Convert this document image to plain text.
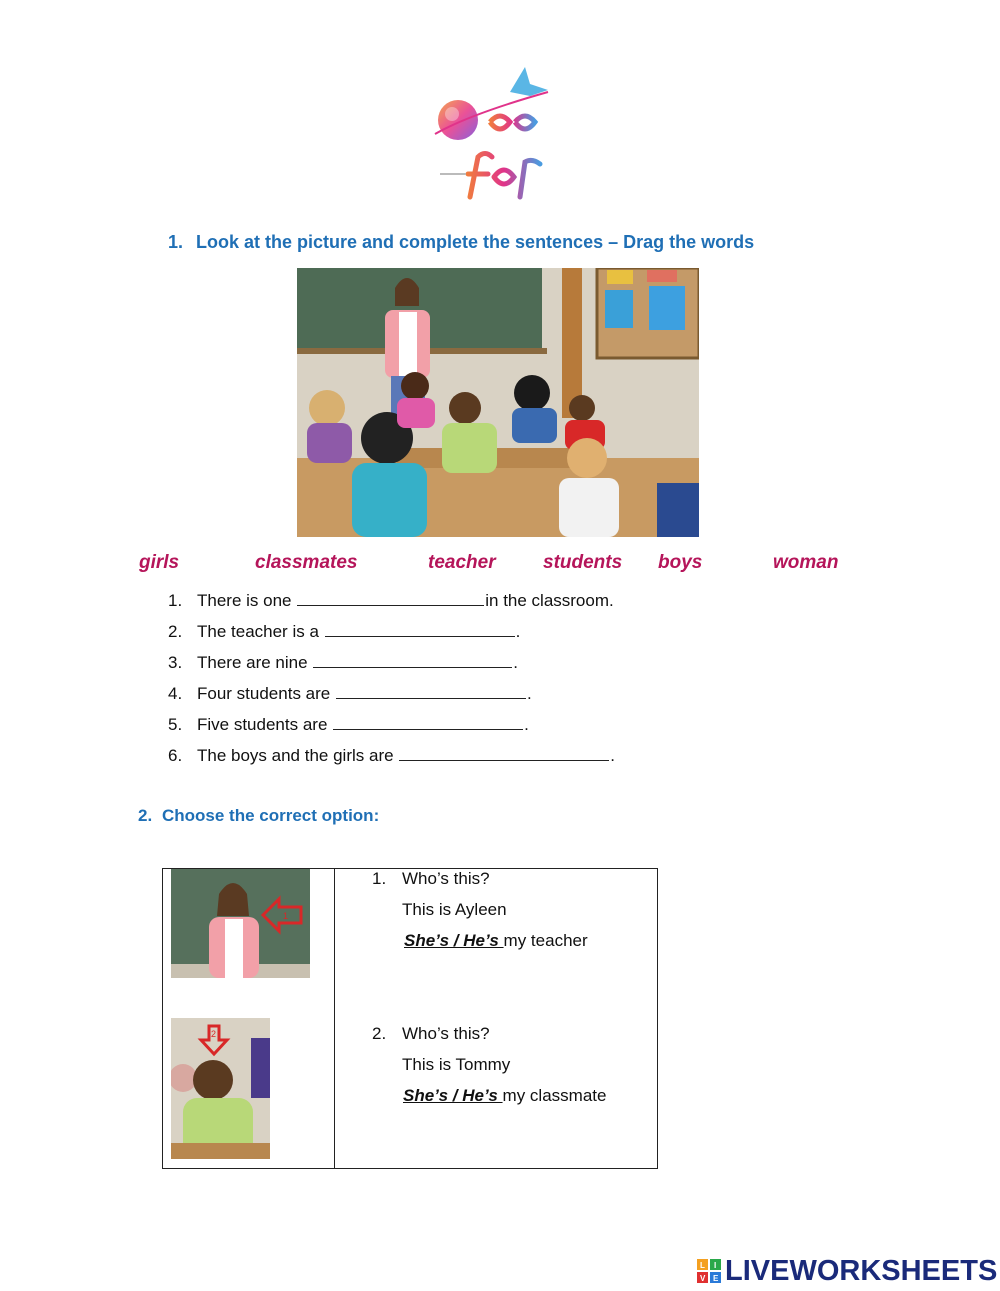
1. Look at the picture and complete the sentences – Drag the words
girls	classmates	teacher students boys	woman
1. There is one	in the classroom.
2. The teacher is a	.
3. There are nine	.
4. Four students are	.
5. Five students are	.
6. The boys and the girls are	.
2. Choose the correct option:
1
2
1. Who’s this?
This is Ayleen
She’s / He’s my teacher
2. Who’s this?
This is Tommy
She’s / He’s my classmate
L I
V E LIVEWORKSHEETS
